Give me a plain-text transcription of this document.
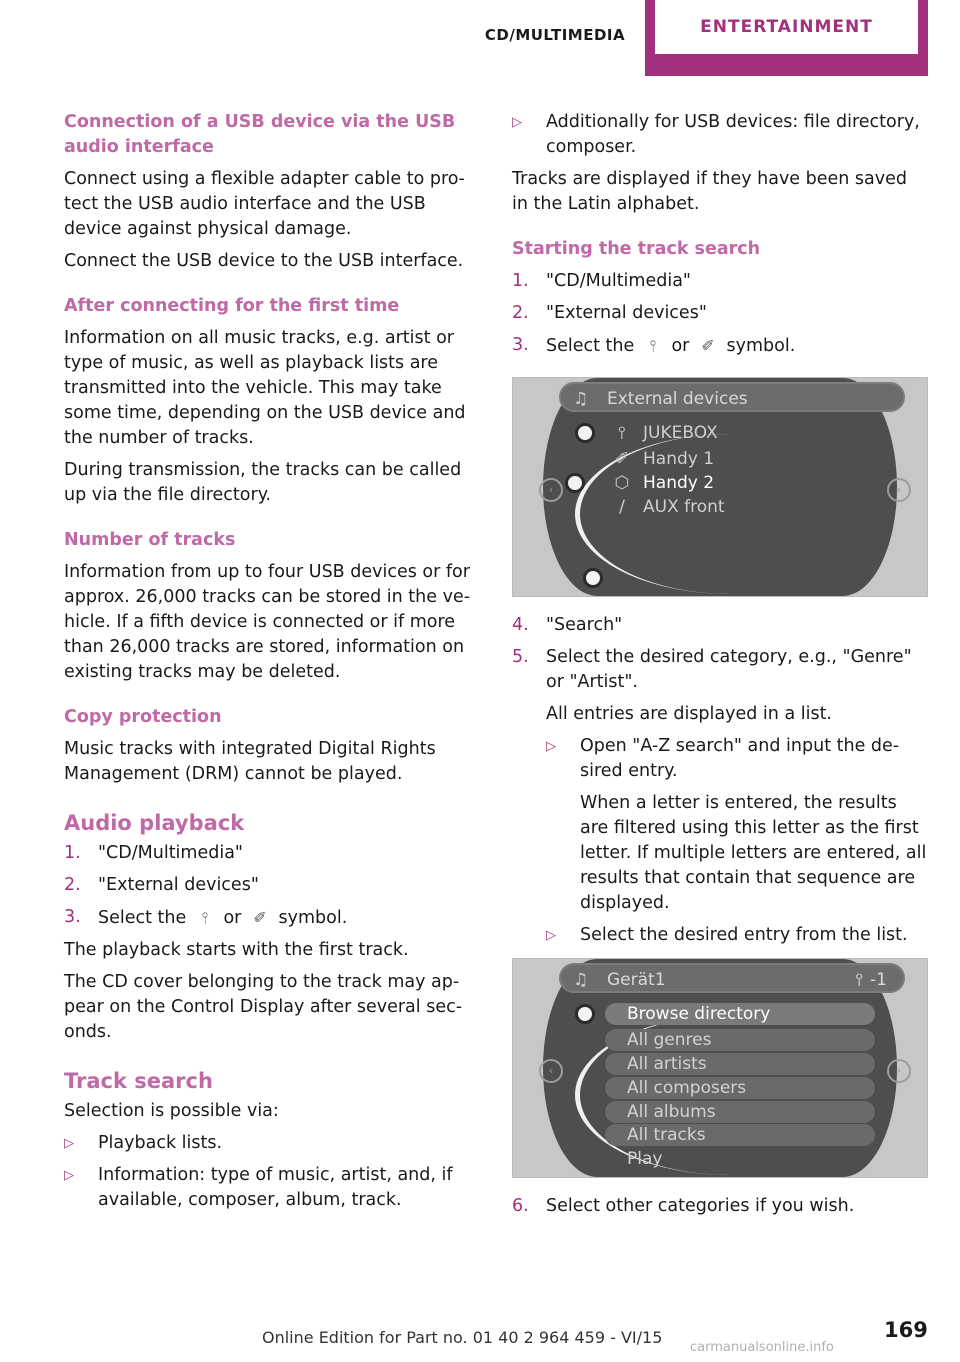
CD/MULTIMEDIA	ENTERTAINMENT
Connection of a USB device via the USB audio interface

Connect using a flexible adapter cable to protect the USB audio interface and the USB device against physical damage.

Connect the USB device to the USB interface.

After connecting for the first time

Information on all music tracks, e.g. artist or type of music, as well as playback lists are transmitted into the vehicle. This may take some time, depending on the USB device and the number of tracks.

During transmission, the tracks can be called up via the file directory.

Number of tracks

Information from up to four USB devices or for approx. 26,000 tracks can be stored in the vehicle. If a fifth device is connected or if more than 26,000 tracks are stored, information on existing tracks may be deleted.

Copy protection

Music tracks with integrated Digital Rights Management (DRM) cannot be played.

Audio playback
1. "CD/Multimedia"
2. "External devices"
3. Select the ⫯ or ✐ symbol.

The playback starts with the first track.

The CD cover belonging to the track may appear on the Control Display after several seconds.

Track search

Selection is possible via:

▷ Playback lists.
▷ Information: type of music, artist, and, if available, composer, album, track.
▷ Additionally for USB devices: file directory, composer.

Tracks are displayed if they have been saved in the Latin alphabet.

Starting the track search
1. "CD/Multimedia"
2. "External devices"
3. Select the ⫯ or ✐ symbol.
♫ External devices
‹	›
⫯	JUKEBOX
✐ Handy 1
⬡ Handy 2
∕	AUX front
4. "Search"
5. Select the desired category, e.g., "Genre" or "Artist".

All entries are displayed in a list.

▷ Open "A-Z search" and input the desired entry.

When a letter is entered, the results are filtered using this letter as the first letter. If multiple letters are entered, all results that contain that sequence are displayed.

▷ Select the desired entry from the list.
♫ Gerät1	⫯ -1
‹	›
Browse directory
All genres
All artists
All composers
All albums
All tracks
Play
6. Select other categories if you wish.
Online Edition for Part no. 01 40 2 964 459 - VI/15	169
carmanualsonline.info
